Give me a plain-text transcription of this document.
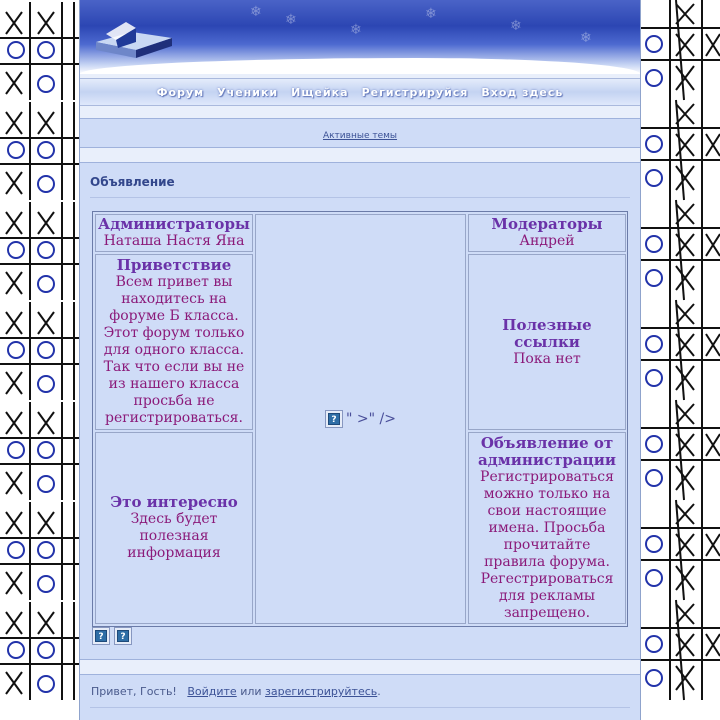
❄ ❄
❄
❄
❄
❄
Форум Ученики Ищейка Регистрируйся Вход здесь
Активные темы
Объявление
Администраторы
Наташа Настя Яна
Приветствие
Всем привет вы находитесь на форуме Б класса. Этот форум только для одного класса. Так что если вы не из нашего класса просьба не регистрироваться.
Это интересно
Здесь будет полезная информация
? " >" />
Модераторы
Андрей
Полезные ссылки
Пока нет
Объявление от администрации
Регистрироваться можно только на свои настоящие имена. Просьба прочитайте правила форума. Регестрироваться для рекламы запрещено.
?	?

Привет, Гость! Войдите или зарегистрируйтесь.
